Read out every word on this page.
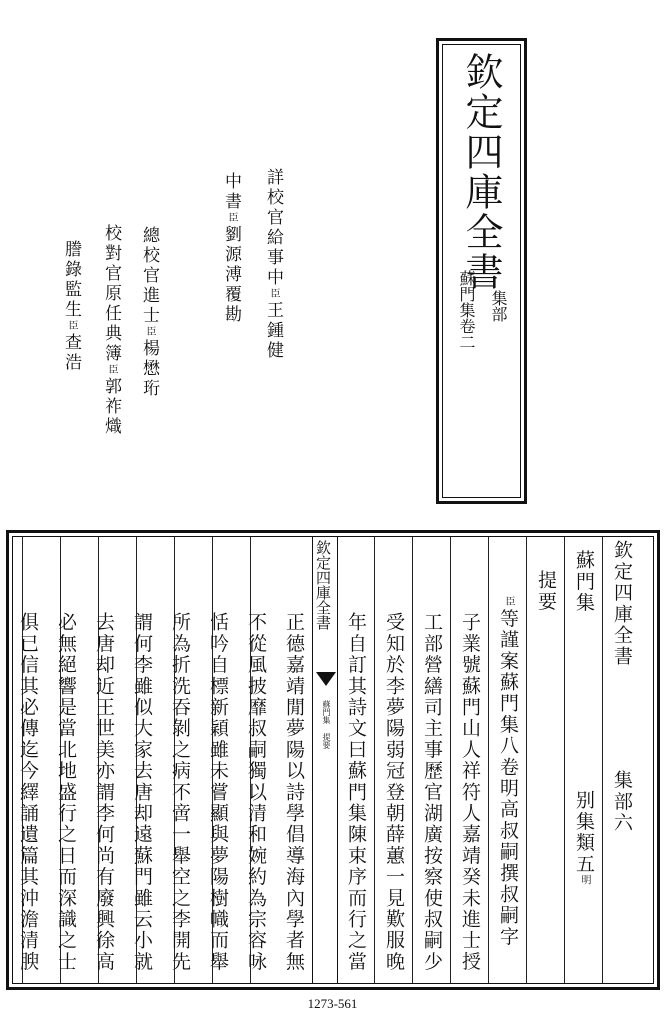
欽定四庫全書
集部
蘇門集卷二
詳校官給事中臣王鍾健
中書臣劉源溥覆勘
總校官進士臣楊懋珩
校對官原任典簿臣郭祚熾
謄錄監生臣查浩
欽定四庫全書
集部六
蘇門集
别集類五明
提要
臣等謹案蘇門集八卷明高叔嗣撰叔嗣字
子業號蘇門山人祥符人嘉靖癸未進士授
工部營繕司主事歷官湖廣按察使叔嗣少
受知於李夢陽弱冠登朝薛蕙一見歎服晚
年自訂其詩文曰蘇門集陳束序而行之當
欽定四庫全書
蘇門集 提要
正德嘉靖閒夢陽以詩學倡導海內學者無
不從風披靡叔嗣獨以清和婉約為宗容咏
恬吟自標新穎雖未嘗顯與夢陽樹幟而舉
所為折洗吞剝之病不啻一舉空之李開先
謂何李雖似大家去唐却遠蘇門雖云小就
去唐却近王世美亦謂李何尚有廢興徐高
必無絕響是當北地盛行之日而深識之士
俱已信其必傳迄今繹誦遺篇其沖澹清腴
1273-561
